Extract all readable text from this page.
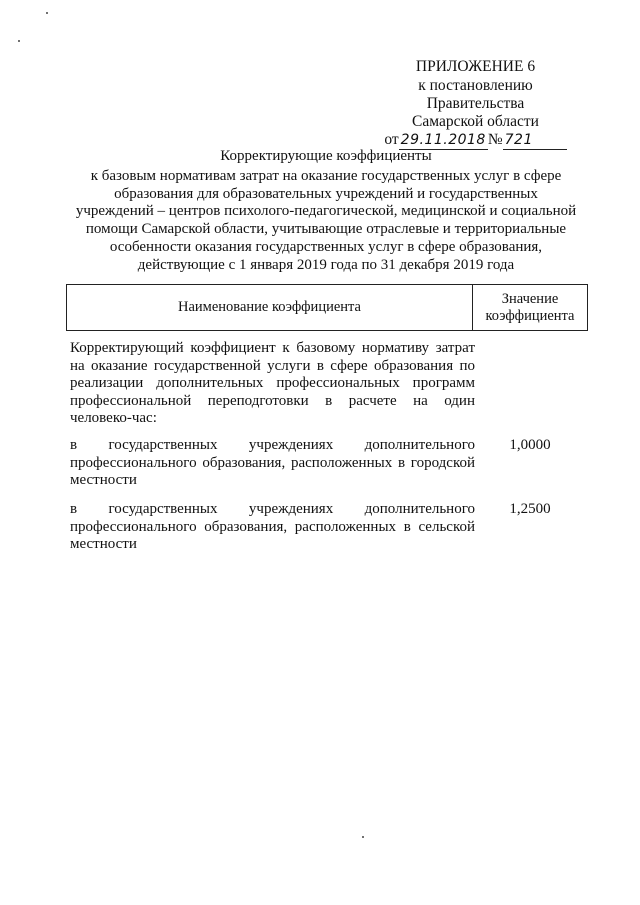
ПРИЛОЖЕНИЕ 6
к постановлению Правительства
Самарской области
от 29.11.2018 № 721
Корректирующие коэффициенты
к базовым нормативам затрат на оказание государственных услуг в сфере
образования для образовательных учреждений и государственных
учреждений – центров психолого-педагогической, медицинской и социальной
помощи Самарской области, учитывающие отраслевые и территориальные
особенности оказания государственных услуг в сфере образования,
действующие с 1 января 2019 года по 31 декабря 2019 года
Наименование коэффициента
Значение
коэффициента
Корректирующий коэффициент к базовому нормативу затрат на оказание государственной услуги в сфере образования по реализации дополнительных профессиональных программ профессиональной переподготовки в расчете на один человеко-час:
в государственных учреждениях дополнительного профессионального образования, расположенных в городской местности
1,0000
в государственных учреждениях дополнительного профессионального образования, расположенных в сельской местности
1,2500
